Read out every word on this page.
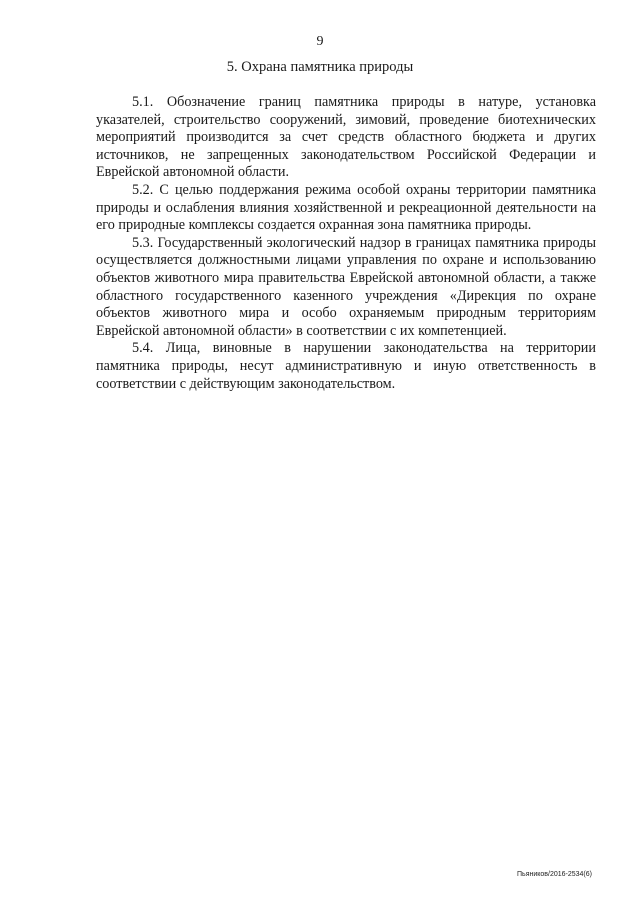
9
5. Охрана памятника природы

5.1. Обозначение границ памятника природы в натуре, установка указателей, строительство сооружений, зимовий, проведение биотехнических мероприятий производится за счет средств областного бюджета и других источников, не запрещенных законодательством Российской Федерации и Еврейской автономной области.

5.2. С целью поддержания режима особой охраны территории памятника природы и ослабления влияния хозяйственной и рекреационной деятельности на его природные комплексы создается охранная зона памятника природы.

5.3. Государственный экологический надзор в границах памятника природы осуществляется должностными лицами управления по охране и использованию объектов животного мира правительства Еврейской автономной области, а также областного государственного казенного учреждения «Дирекция по охране объектов животного мира и особо охраняемым природным территориям Еврейской автономной области» в соответствии с их компетенцией.

5.4. Лица, виновные в нарушении законодательства на территории памятника природы, несут административную и иную ответственность в соответствии с действующим законодательством.

Пьяников/2016-2534(6)
